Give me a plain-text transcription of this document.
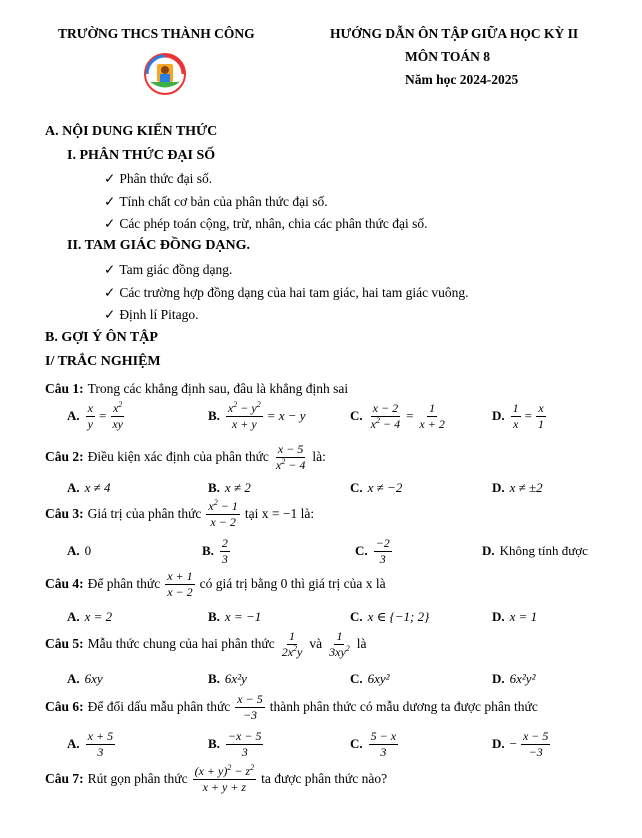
TRƯỜNG THCS THÀNH CÔNG	HƯỚNG DẪN ÔN TẬP GIỮA HỌC KỲ II
MÔN TOÁN 8
Năm học 2024-2025
A. NỘI DUNG KIẾN THỨC
I. PHÂN THỨC ĐẠI SỐ
✓ Phân thức đại số.
✓ Tính chất cơ bản của phân thức đại số.
✓ Các phép toán cộng, trừ, nhân, chia các phân thức đại số.
II. TAM GIÁC ĐỒNG DẠNG.
✓ Tam giác đồng dạng.
✓ Các trường hợp đồng dạng của hai tam giác, hai tam giác vuông.
✓ Định lí Pitago.
B. GỢI Ý ÔN TẬP
I/ TRẮC NGHIỆM
Câu 1: Trong các khẳng định sau, đâu là khẳng định sai
A. $\frac{x}{y} = \frac{x^2}{xy}$	B. $\frac{x^2 - y^2}{x + y} = x - y$	C. $\frac{x - 2}{x^2 - 4} = \frac{1}{x + 2}$	D. $\frac{1}{x} = \frac{x}{1}$
Câu 2: Điều kiện xác định của phân thức $\frac{x - 5}{x^2 - 4}$ là:
A. x ≠ 4	B. x ≠ 2	C. x ≠ −2	D. x ≠ ±2
Câu 3: Giá trị của phân thức $\frac{x^2 - 1}{x - 2}$ tại x = −1 là:
A. 0	B. $\frac{2}{3}$	C. $\frac{-2}{3}$	D. Không tính được
Câu 4: Để phân thức $\frac{x + 1}{x - 2}$ có giá trị bằng 0 thì giá trị của x là
A. x = 2	B. x = −1	C. x ∈ {−1; 2}	D. x = 1
Câu 5: Mẫu thức chung của hai phân thức $\frac{1}{2x^2y}$ và $\frac{1}{3xy^2}$ là
A. 6xy	B. 6x²y	C. 6xy²	D. 6x²y²
Câu 6: Để đổi dấu mẫu phân thức $\frac{x - 5}{-3}$ thành phân thức có mẫu dương ta được phân thức
A. $\frac{x + 5}{3}$	B. $\frac{-x - 5}{3}$	C. $\frac{5 - x}{3}$	D. − $\frac{x - 5}{-3}$
Câu 7: Rút gọn phân thức $\frac{(x + y)^2 - z^2}{x + y + z}$ ta được phân thức nào?
